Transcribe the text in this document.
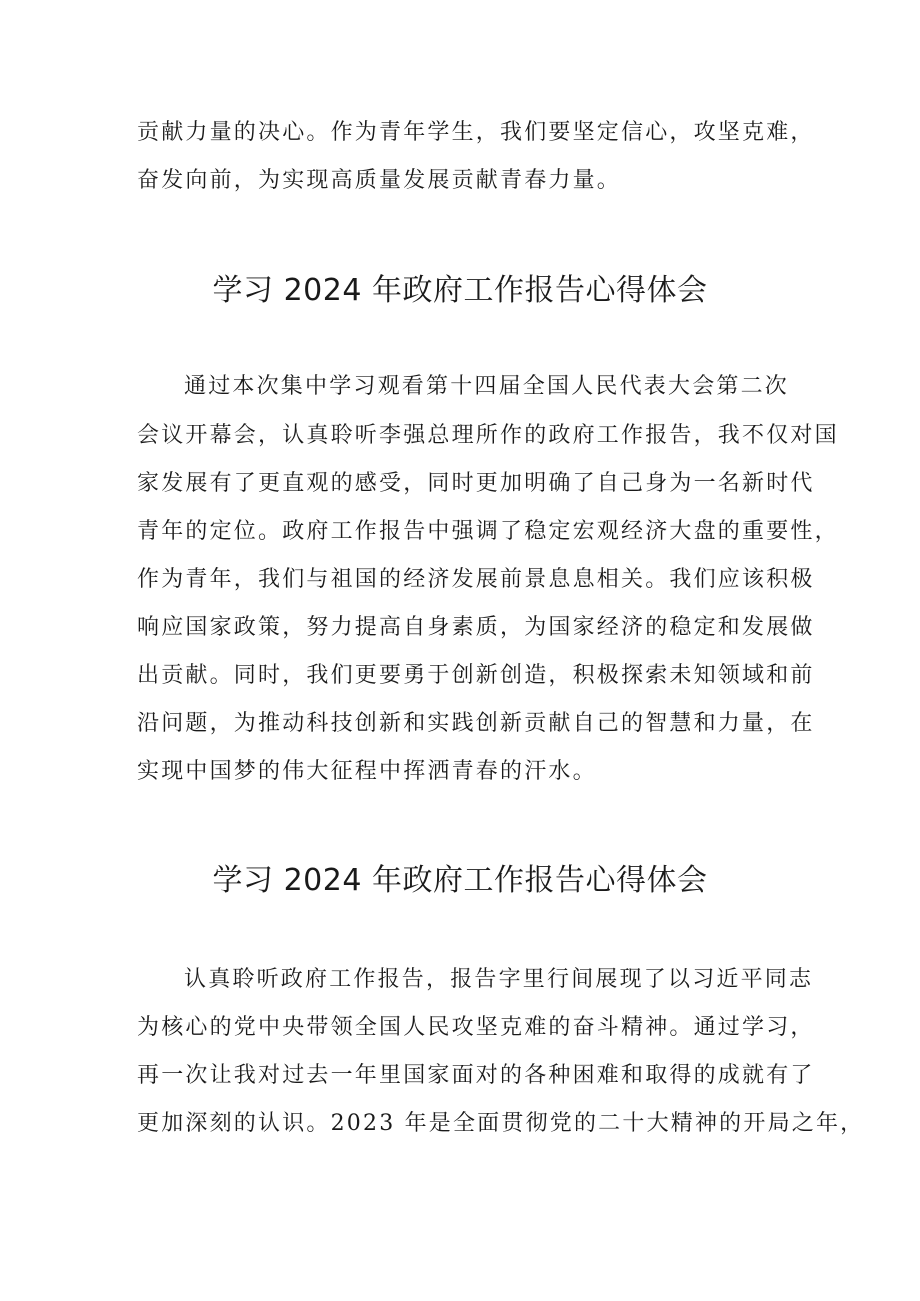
贡献力量的决心。作为青年学生，我们要坚定信心，攻坚克难，

奋发向前，为实现高质量发展贡献青春力量。

学习 2024 年政府工作报告心得体会

通过本次集中学习观看第十四届全国人民代表大会第二次

会议开幕会，认真聆听李强总理所作的政府工作报告，我不仅对国

家发展有了更直观的感受，同时更加明确了自己身为一名新时代

青年的定位。政府工作报告中强调了稳定宏观经济大盘的重要性，

作为青年，我们与祖国的经济发展前景息息相关。我们应该积极

响应国家政策，努力提高自身素质，为国家经济的稳定和发展做

出贡献。同时，我们更要勇于创新创造，积极探索未知领域和前

沿问题，为推动科技创新和实践创新贡献自己的智慧和力量，在

实现中国梦的伟大征程中挥洒青春的汗水。

学习 2024 年政府工作报告心得体会

认真聆听政府工作报告，报告字里行间展现了以习近平同志

为核心的党中央带领全国人民攻坚克难的奋斗精神。通过学习，

再一次让我对过去一年里国家面对的各种困难和取得的成就有了

更加深刻的认识。2023 年是全面贯彻党的二十大精神的开局之年，
